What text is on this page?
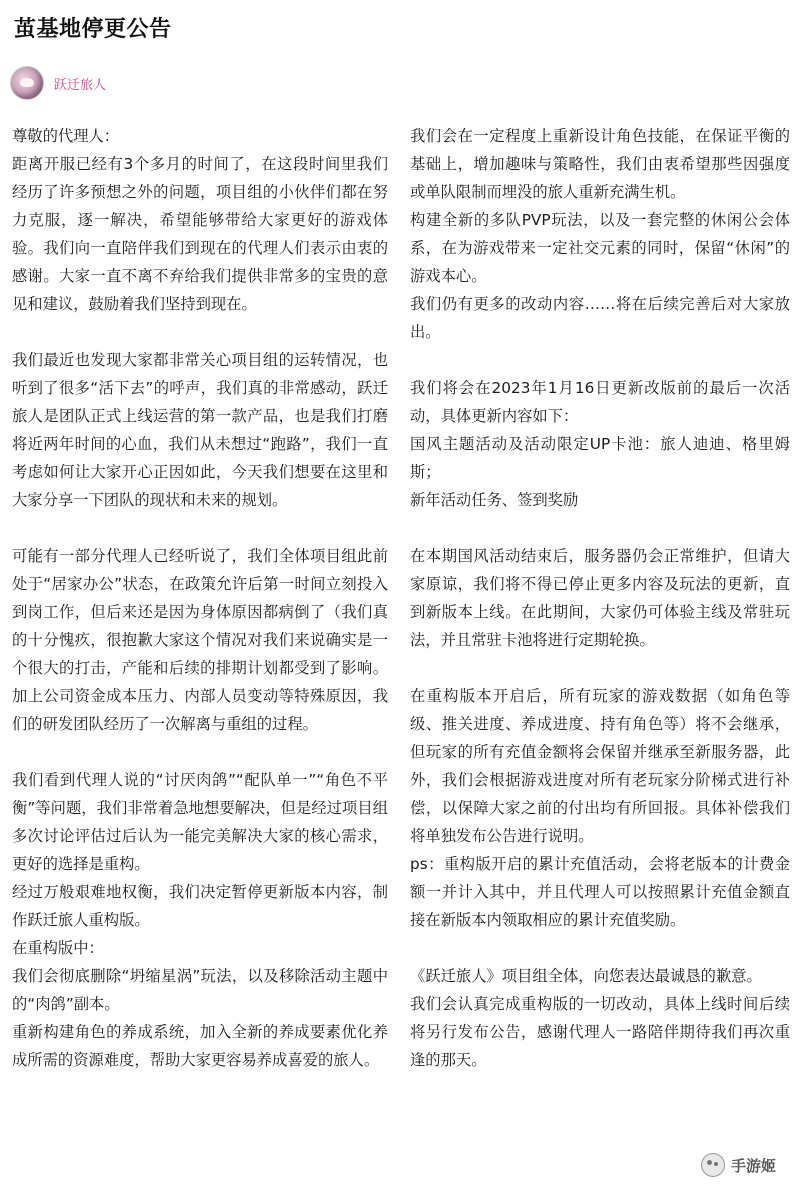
茧基地停更公告
跃迁旅人

尊敬的代理人：

距离开服已经有3个多月的时间了，在这段时间里我们经历了许多预想之外的问题，项目组的小伙伴们都在努力克服，逐一解决，希望能够带给大家更好的游戏体验。我们向一直陪伴我们到现在的代理人们表示由衷的感谢。大家一直不离不弃给我们提供非常多的宝贵的意见和建议，鼓励着我们坚持到现在。

我们最近也发现大家都非常关心项目组的运转情况，也听到了很多“活下去”的呼声，我们真的非常感动，跃迁旅人是团队正式上线运营的第一款产品，也是我们打磨将近两年时间的心血，我们从未想过“跑路”，我们一直考虑如何让大家开心正因如此，今天我们想要在这里和大家分享一下团队的现状和未来的规划。

可能有一部分代理人已经听说了，我们全体项目组此前处于“居家办公”状态，在政策允许后第一时间立刻投入到岗工作，但后来还是因为身体原因都病倒了（我们真的十分愧疚，很抱歉大家这个情况对我们来说确实是一个很大的打击，产能和后续的排期计划都受到了影响。加上公司资金成本压力、内部人员变动等特殊原因，我们的研发团队经历了一次解离与重组的过程。

我们看到代理人说的“讨厌肉鸽”“配队单一”“角色不平衡”等问题，我们非常着急地想要解决，但是经过项目组多次讨论评估过后认为一能完美解决大家的核心需求，更好的选择是重构。

经过万般艰难地权衡，我们决定暂停更新版本内容，制作跃迁旅人重构版。

在重构版中：

我们会彻底删除“坍缩星涡”玩法，以及移除活动主题中的“肉鸽”副本。

重新构建角色的养成系统，加入全新的养成要素优化养成所需的资源难度，帮助大家更容易养成喜爱的旅人。

我们会在一定程度上重新设计角色技能，在保证平衡的基础上，增加趣味与策略性，我们由衷希望那些因强度或单队限制而埋没的旅人重新充满生机。

构建全新的多队PVP玩法，以及一套完整的休闲公会体系，在为游戏带来一定社交元素的同时，保留“休闲”的游戏本心。

我们仍有更多的改动内容……将在后续完善后对大家放出。

我们将会在2023年1月16日更新改版前的最后一次活动，具体更新内容如下：

国风主题活动及活动限定UP卡池：旅人迪迪、格里姆斯；

新年活动任务、签到奖励

在本期国风活动结束后，服务器仍会正常维护，但请大家原谅，我们将不得已停止更多内容及玩法的更新，直到新版本上线。在此期间，大家仍可体验主线及常驻玩法，并且常驻卡池将进行定期轮换。

在重构版本开启后，所有玩家的游戏数据（如角色等级、推关进度、养成进度、持有角色等）将不会继承，但玩家的所有充值金额将会保留并继承至新服务器，此外，我们会根据游戏进度对所有老玩家分阶梯式进行补偿，以保障大家之前的付出均有所回报。具体补偿我们将单独发布公告进行说明。

ps：重构版开启的累计充值活动，会将老版本的计费金额一并计入其中，并且代理人可以按照累计充值金额直接在新版本内领取相应的累计充值奖励。

《跃迁旅人》项目组全体，向您表达最诚恳的歉意。

我们会认真完成重构版的一切改动，具体上线时间后续将另行发布公告，感谢代理人一路陪伴期待我们再次重逢的那天。

手游姬
